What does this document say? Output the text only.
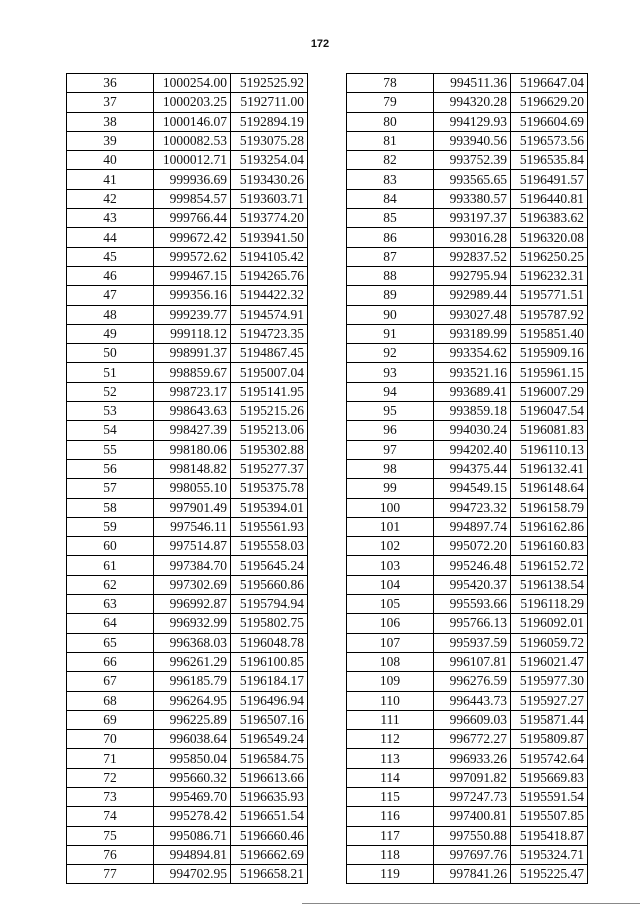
172
36	1000254.00	5192525.92
37	1000203.25	5192711.00
38	1000146.07	5192894.19
39	1000082.53	5193075.28
40	1000012.71	5193254.04
41	999936.69	5193430.26
42	999854.57	5193603.71
43	999766.44	5193774.20
44	999672.42	5193941.50
45	999572.62	5194105.42
46	999467.15	5194265.76
47	999356.16	5194422.32
48	999239.77	5194574.91
49	999118.12	5194723.35
50	998991.37	5194867.45
51	998859.67	5195007.04
52	998723.17	5195141.95
53	998643.63	5195215.26
54	998427.39	5195213.06
55	998180.06	5195302.88
56	998148.82	5195277.37
57	998055.10	5195375.78
58	997901.49	5195394.01
59	997546.11	5195561.93
60	997514.87	5195558.03
61	997384.70	5195645.24
62	997302.69	5195660.86
63	996992.87	5195794.94
64	996932.99	5195802.75
65	996368.03	5196048.78
66	996261.29	5196100.85
67	996185.79	5196184.17
68	996264.95	5196496.94
69	996225.89	5196507.16
70	996038.64	5196549.24
71	995850.04	5196584.75
72	995660.32	5196613.66
73	995469.70	5196635.93
74	995278.42	5196651.54
75	995086.71	5196660.46
76	994894.81	5196662.69
77	994702.95	5196658.21
78	994511.36	5196647.04
79	994320.28	5196629.20
80	994129.93	5196604.69
81	993940.56	5196573.56
82	993752.39	5196535.84
83	993565.65	5196491.57
84	993380.57	5196440.81
85	993197.37	5196383.62
86	993016.28	5196320.08
87	992837.52	5196250.25
88	992795.94	5196232.31
89	992989.44	5195771.51
90	993027.48	5195787.92
91	993189.99	5195851.40
92	993354.62	5195909.16
93	993521.16	5195961.15
94	993689.41	5196007.29
95	993859.18	5196047.54
96	994030.24	5196081.83
97	994202.40	5196110.13
98	994375.44	5196132.41
99	994549.15	5196148.64
100	994723.32	5196158.79
101	994897.74	5196162.86
102	995072.20	5196160.83
103	995246.48	5196152.72
104	995420.37	5196138.54
105	995593.66	5196118.29
106	995766.13	5196092.01
107	995937.59	5196059.72
108	996107.81	5196021.47
109	996276.59	5195977.30
110	996443.73	5195927.27
111	996609.03	5195871.44
112	996772.27	5195809.87
113	996933.26	5195742.64
114	997091.82	5195669.83
115	997247.73	5195591.54
116	997400.81	5195507.85
117	997550.88	5195418.87
118	997697.76	5195324.71
119	997841.26	5195225.47
